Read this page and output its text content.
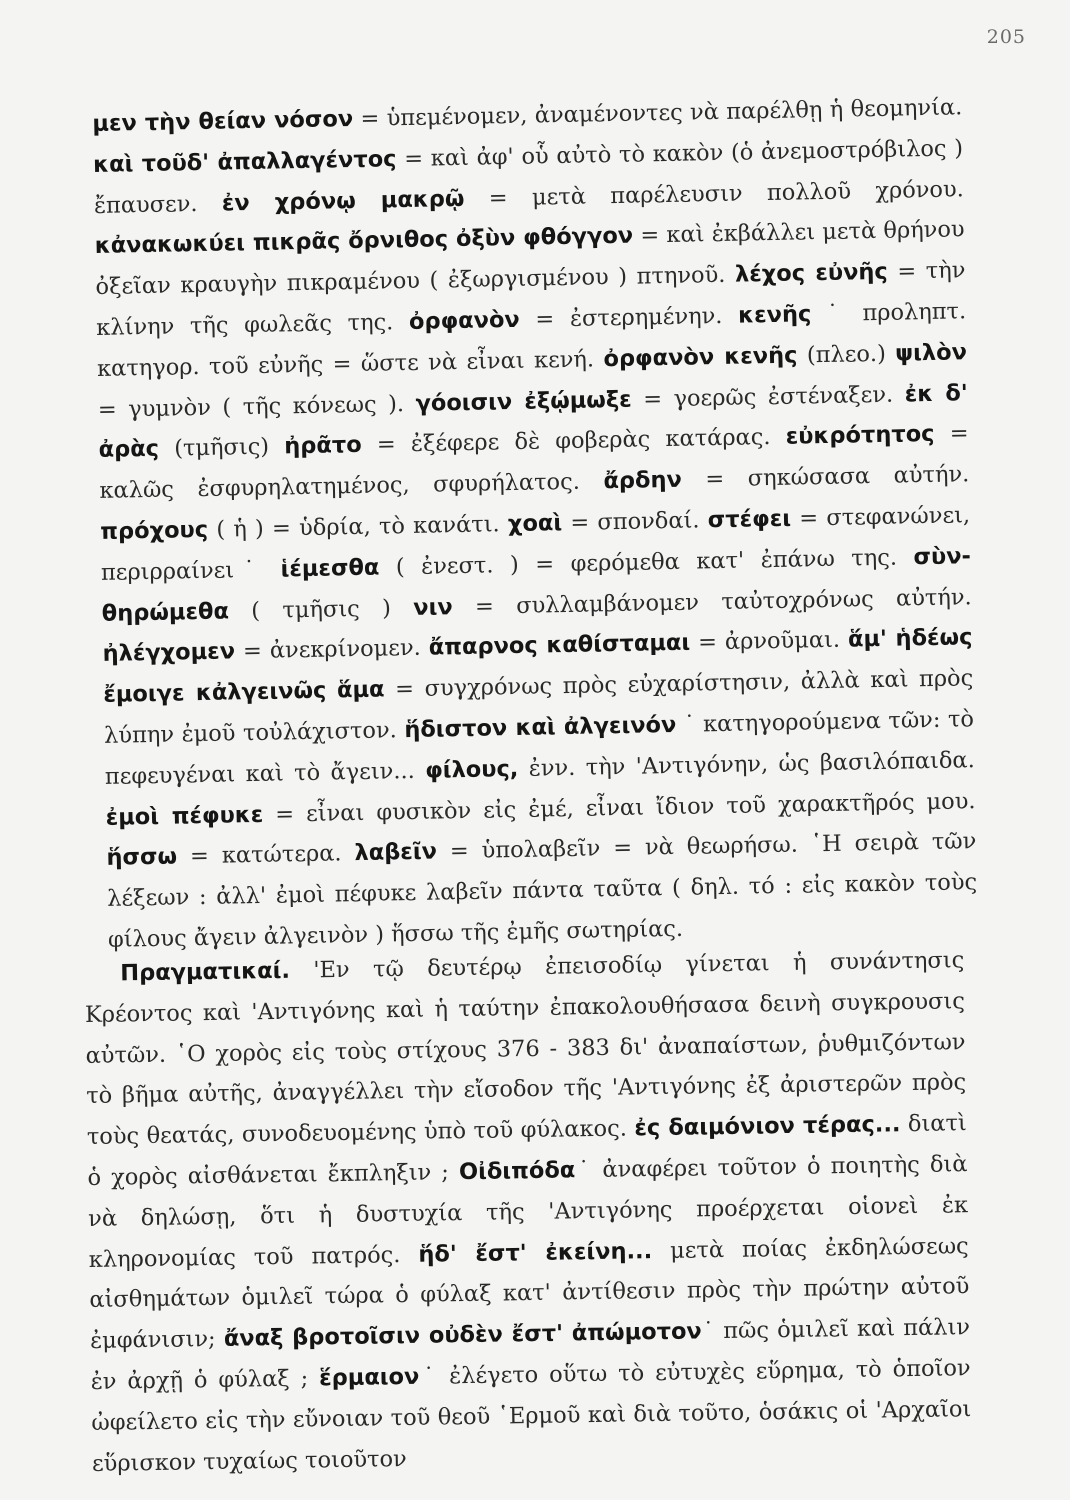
205

μεν τὴν θείαν νόσον = ὑπεμένομεν, ἀναμένοντες νὰ παρέλθῃ ἡ θεομηνία. καὶ τοῦδ' ἀπαλλαγέντος = καὶ ἀφ' οὗ αὐτὸ τὸ κακὸν (ὁ ἀνεμοστρόβιλος ) ἔπαυσεν. ἐν χρόνῳ μακρῷ = μετὰ παρέλευσιν πολλοῦ χρόνου. κἀνακωκύει πικρᾶς ὄρνιθος ὀξὺν φθόγγον = καὶ ἐκβάλλει μετὰ θρήνου ὀξεῖαν κραυγὴν πικραμένου ( ἐξωργισμένου ) πτηνοῦ. λέχος εὐνῆς = τὴν κλίνην τῆς φωλεᾶς της. ὀρφανὸν = ἐστερημένην. κενῆς ˙ προληπτ. κατηγορ. τοῦ εὐνῆς = ὥστε νὰ εἶναι κενή. ὀρφανὸν κενῆς (πλεο.) ψιλὸν = γυμνὸν ( τῆς κόνεως ). γόοισιν ἐξῴμωξε = γοερῶς ἐστέναξεν. ἐκ δ' ἀρὰς (τμῆσις) ἠρᾶτο = ἐξέφερε δὲ φοβερὰς κατάρας. εὐκρότητος = καλῶς ἐσφυρηλατημένος, σφυρήλατος. ἄρδην = σηκώσασα αὐτήν. πρόχους ( ἡ ) = ὑδρία, τὸ κανάτι. χοαὶ = σπονδαί. στέφει = στεφανώνει, περιρραίνει˙ ἱέμεσθα ( ἐνεστ. ) = φερόμεθα κατ' ἐπάνω της. σὺν-θηρώμεθα ( τμῆσις ) νιν = συλλαμβάνομεν ταὐτοχρόνως αὐτήν. ἠλέγχομεν = ἀνεκρίνομεν. ἄπαρνος καθίσταμαι = ἀρνοῦμαι. ἅμ' ἡδέως ἔμοιγε κἀλγεινῶς ἅμα = συγχρόνως πρὸς εὐχαρίστησιν, ἀλλὰ καὶ πρὸς λύπην ἐμοῦ τοὐλάχιστον. ἥδιστον καὶ ἀλγεινόν ˙ κατηγορούμενα τῶν: τὸ πεφευγέναι καὶ τὸ ἄγειν... φίλους, ἐνν. τὴν 'Αντιγόνην, ὡς βασιλόπαιδα. ἐμοὶ πέφυκε = εἶναι φυσικὸν εἰς ἐμέ, εἶναι ἴδιον τοῦ χαρακτῆρός μου. ἥσσω = κατώτερα. λαβεῖν = ὑπολαβεῖν = νὰ θεωρήσω. ῾Η σειρὰ τῶν λέξεων : ἀλλ' ἐμοὶ πέφυκε λαβεῖν πάντα ταῦτα ( δηλ. τό : εἰς κακὸν τοὺς φίλους ἄγειν ἀλγεινὸν ) ἥσσω τῆς ἐμῆς σωτηρίας.

Πραγματικαί. 'Εν τῷ δευτέρῳ ἐπεισοδίῳ γίνεται ἡ συνάντησις Κρέοντος καὶ 'Αντιγόνης καὶ ἡ ταύτην ἐπακολουθήσασα δεινὴ συγκρουσις αὐτῶν. ῾Ο χορὸς εἰς τοὺς στίχους 376 - 383 δι' ἀναπαίστων, ῥυθμιζόντων τὸ βῆμα αὐτῆς, ἀναγγέλλει τὴν εἴσοδον τῆς 'Αντιγόνης ἐξ ἀριστερῶν πρὸς τοὺς θεατάς, συνοδευομένης ὑπὸ τοῦ φύλακος. ἐς δαιμόνιον τέρας... διατὶ ὁ χορὸς αἰσθάνεται ἔκπληξιν ; Οἰδιπόδα˙ ἀναφέρει τοῦτον ὁ ποιητὴς διὰ νὰ δηλώσῃ, ὅτι ἡ δυστυχία τῆς 'Αντιγόνης προέρχεται οἱονεὶ ἐκ κληρονομίας τοῦ πατρός. ἥδ' ἔστ' ἐκείνη... μετὰ ποίας ἐκδηλώσεως αἰσθημάτων ὁμιλεῖ τώρα ὁ φύλαξ κατ' ἀντίθεσιν πρὸς τὴν πρώτην αὐτοῦ ἐμφάνισιν; ἄναξ βροτοῖσιν οὐδὲν ἔστ' ἀπώμοτον˙ πῶς ὁμιλεῖ καὶ πάλιν ἐν ἀρχῇ ὁ φύλαξ ; ἕρμαιον˙ ἐλέγετο οὕτω τὸ εὐτυχὲς εὕρημα, τὸ ὁποῖον ὠφείλετο εἰς τὴν εὔνοιαν τοῦ θεοῦ ῾Ερμοῦ καὶ διὰ τοῦτο, ὁσάκις οἱ 'Αρχαῖοι εὕρισκον τυχαίως τοιοῦτον
